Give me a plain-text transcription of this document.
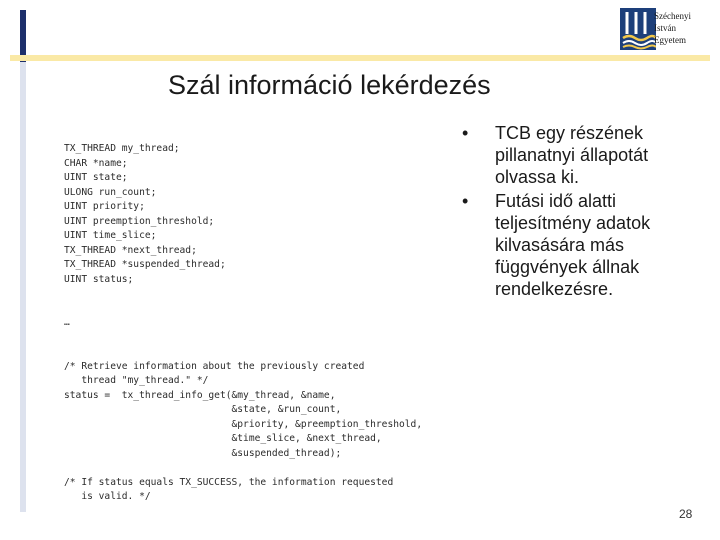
Széchenyi
István
Egyetem
Szál információ lekérdezés
TX_THREAD my_thread;
CHAR *name;
UINT state;
ULONG run_count;
UINT priority;
UINT preemption_threshold;
UINT time_slice;
TX_THREAD *next_thread;
TX_THREAD *suspended_thread;
UINT status;

…

/* Retrieve information about the previously created
thread "my_thread." */
status =  tx_thread_info_get(&my_thread, &name,
&state, &run_count,
&priority, &preemption_threshold,
&time_slice, &next_thread,
&suspended_thread);

/* If status equals TX_SUCCESS, the information requested
is valid. */
• TCB egy részének pillanatnyi állapotát olvassa ki.
• Futási idő alatti teljesítmény adatok kilvasására más függvények állnak rendelkezésre.
28
